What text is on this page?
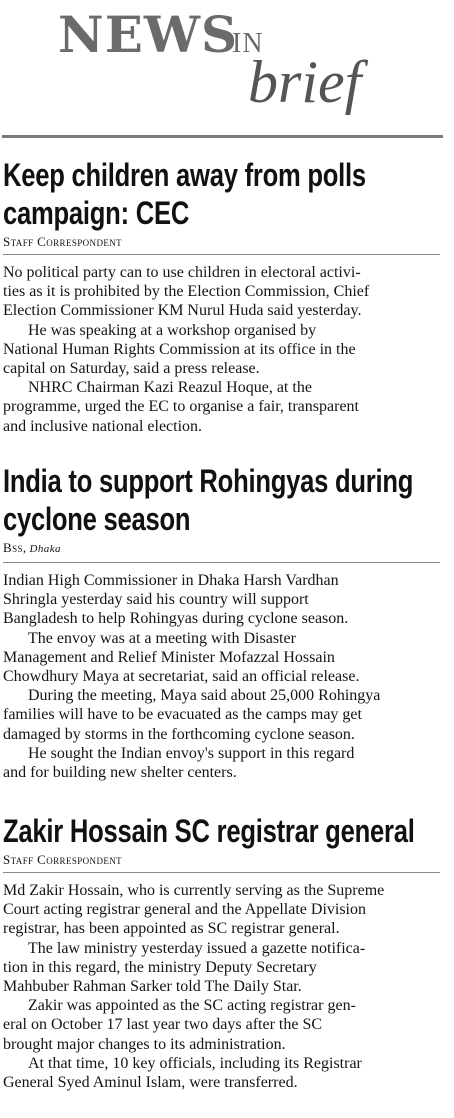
NEWS
IN
brief
Keep children away from polls
campaign: CEC
Staff Correspondent

No political party can to use children in electoral activi-
ties as it is prohibited by the Election Commission, Chief
Election Commissioner KM Nurul Huda said yesterday.

He was speaking at a workshop organised by
National Human Rights Commission at its office in the
capital on Saturday, said a press release.

NHRC Chairman Kazi Reazul Hoque, at the
programme, urged the EC to organise a fair, transparent
and inclusive national election.

India to support Rohingyas during
cyclone season
Bss, Dhaka

Indian High Commissioner in Dhaka Harsh Vardhan
Shringla yesterday said his country will support
Bangladesh to help Rohingyas during cyclone season.

The envoy was at a meeting with Disaster
Management and Relief Minister Mofazzal Hossain
Chowdhury Maya at secretariat, said an official release.

During the meeting, Maya said about 25,000 Rohingya
families will have to be evacuated as the camps may get
damaged by storms in the forthcoming cyclone season.

He sought the Indian envoy's support in this regard
and for building new shelter centers.

Zakir Hossain SC registrar general
Staff Correspondent

Md Zakir Hossain, who is currently serving as the Supreme
Court acting registrar general and the Appellate Division
registrar, has been appointed as SC registrar general.

The law ministry yesterday issued a gazette notifica-
tion in this regard, the ministry Deputy Secretary
Mahbuber Rahman Sarker told The Daily Star.

Zakir was appointed as the SC acting registrar gen-
eral on October 17 last year two days after the SC
brought major changes to its administration.

At that time, 10 key officials, including its Registrar
General Syed Aminul Islam, were transferred.
